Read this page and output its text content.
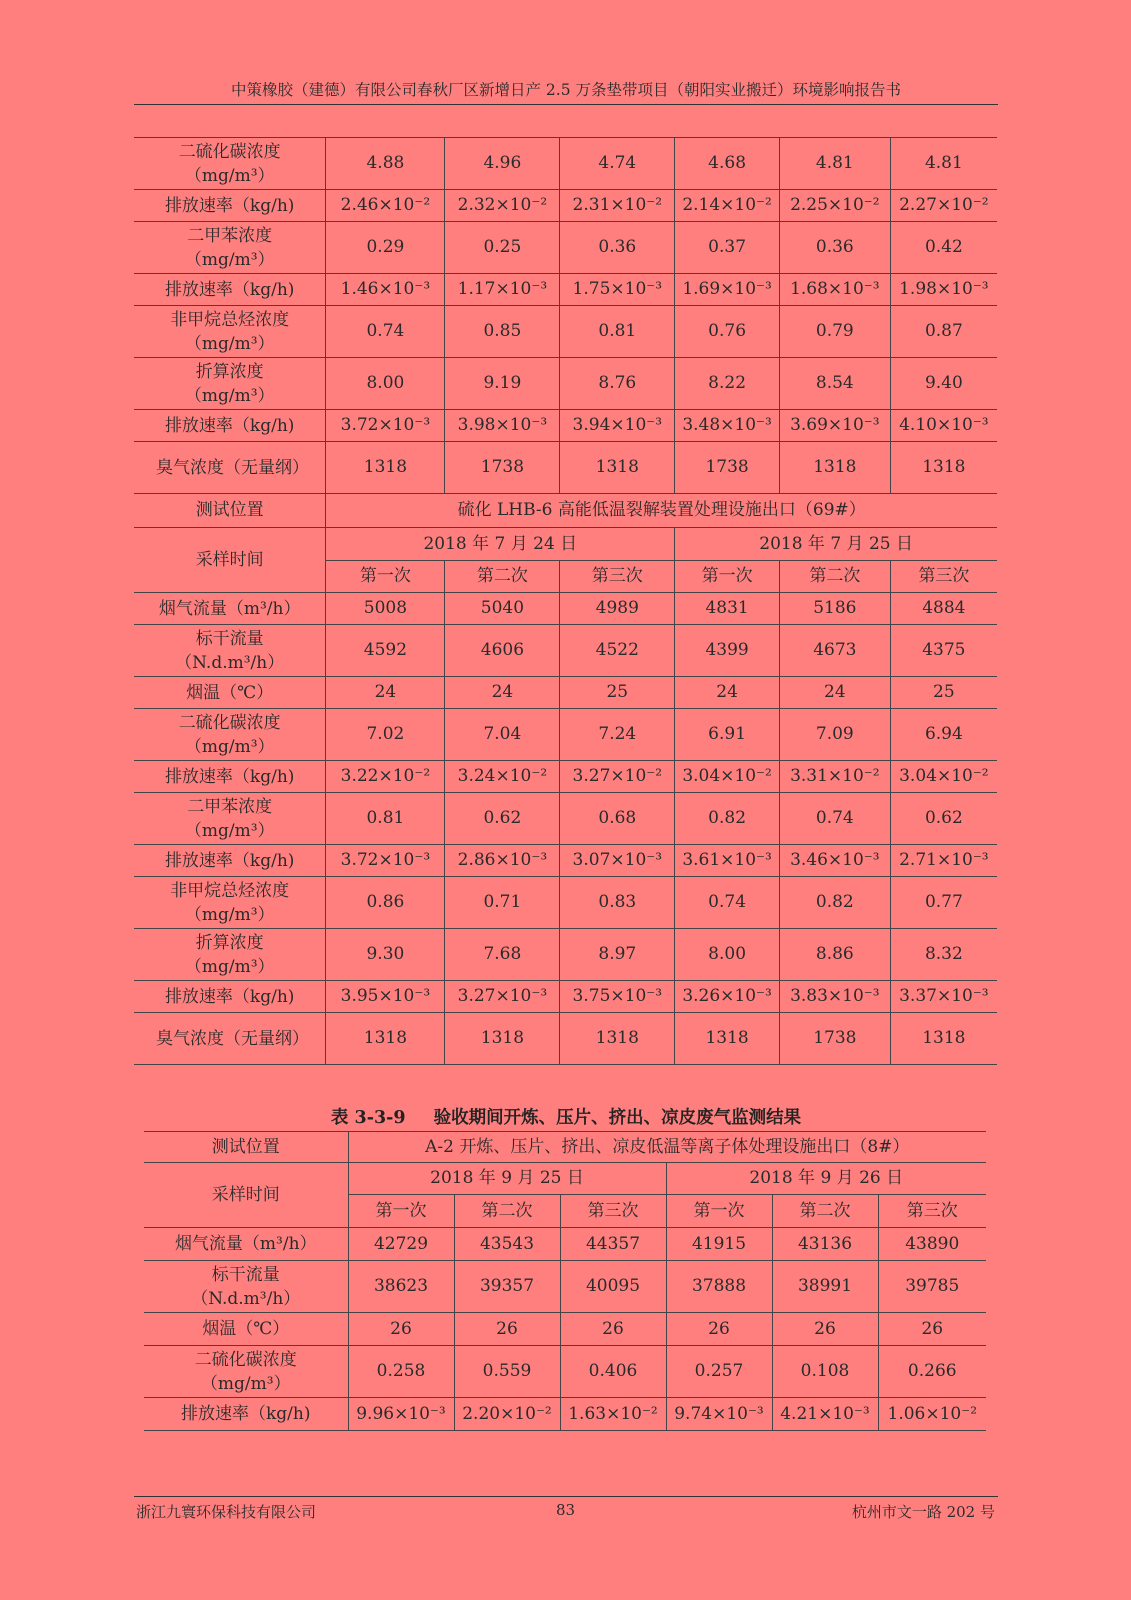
中策橡胶（建德）有限公司春秋厂区新增日产 2.5 万条垫带项目（朝阳实业搬迁）环境影响报告书
二硫化碳浓度（mg/m³）	4.88	4.96	4.74	4.68	4.81	4.81
排放速率（kg/h)	2.46×10⁻²	2.32×10⁻²	2.31×10⁻²	2.14×10⁻²	2.25×10⁻²	2.27×10⁻²
二甲苯浓度（mg/m³）	0.29	0.25	0.36	0.37	0.36	0.42
排放速率（kg/h)	1.46×10⁻³	1.17×10⁻³	1.75×10⁻³	1.69×10⁻³	1.68×10⁻³	1.98×10⁻³
非甲烷总烃浓度（mg/m³）	0.74	0.85	0.81	0.76	0.79	0.87
折算浓度（mg/m³）	8.00	9.19	8.76	8.22	8.54	9.40
排放速率（kg/h)	3.72×10⁻³	3.98×10⁻³	3.94×10⁻³	3.48×10⁻³	3.69×10⁻³	4.10×10⁻³
臭气浓度（无量纲）	1318	1738	1318	1738	1318	1318
测试位置	硫化 LHB-6 高能低温裂解装置处理设施出口（69#）					
采样时间	2018 年 7 月 24 日			2018 年 7 月 25 日		
	第一次	第二次	第三次	第一次	第二次	第三次
烟气流量（m³/h）	5008	5040	4989	4831	5186	4884
标干流量（N.d.m³/h）	4592	4606	4522	4399	4673	4375
烟温（℃）	24	24	25	24	24	25
二硫化碳浓度（mg/m³）	7.02	7.04	7.24	6.91	7.09	6.94
排放速率（kg/h)	3.22×10⁻²	3.24×10⁻²	3.27×10⁻²	3.04×10⁻²	3.31×10⁻²	3.04×10⁻²
二甲苯浓度（mg/m³）	0.81	0.62	0.68	0.82	0.74	0.62
排放速率（kg/h)	3.72×10⁻³	2.86×10⁻³	3.07×10⁻³	3.61×10⁻³	3.46×10⁻³	2.71×10⁻³
非甲烷总烃浓度（mg/m³）	0.86	0.71	0.83	0.74	0.82	0.77
折算浓度（mg/m³）	9.30	7.68	8.97	8.00	8.86	8.32
排放速率（kg/h)	3.95×10⁻³	3.27×10⁻³	3.75×10⁻³	3.26×10⁻³	3.83×10⁻³	3.37×10⁻³
臭气浓度（无量纲）	1318	1318	1318	1318	1738	1318
表 3-3-9 验收期间开炼、压片、挤出、凉皮废气监测结果
测试位置	A-2 开炼、压片、挤出、凉皮低温等离子体处理设施出口（8#）					
采样时间	2018 年 9 月 25 日			2018 年 9 月 26 日		
	第一次	第二次	第三次	第一次	第二次	第三次
烟气流量（m³/h）	42729	43543	44357	41915	43136	43890
标干流量（N.d.m³/h）	38623	39357	40095	37888	38991	39785
烟温（℃）	26	26	26	26	26	26
二硫化碳浓度（mg/m³）	0.258	0.559	0.406	0.257	0.108	0.266
排放速率（kg/h)	9.96×10⁻³	2.20×10⁻²	1.63×10⁻²	9.74×10⁻³	4.21×10⁻³	1.06×10⁻²
浙江九寰环保科技有限公司	83	杭州市文一路 202 号
